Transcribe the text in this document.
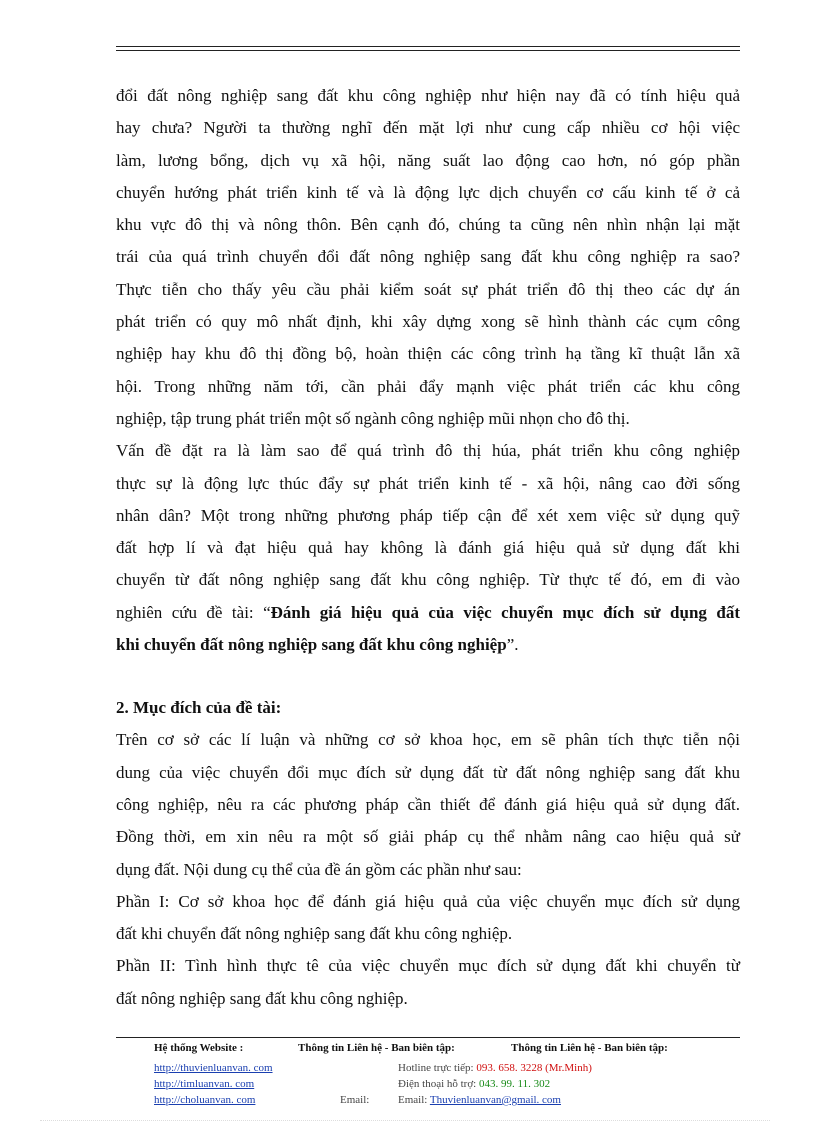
đổi đất nông nghiệp sang đất khu công nghiệp như hiện nay đã có tính hiệu quả

hay chưa? Người ta thường nghĩ đến mặt lợi như cung cấp nhiều cơ hội việc

làm, lương bổng, dịch vụ xã hội, năng suất lao động cao hơn, nó góp phần

chuyển hướng phát triển kinh tế và là động lực dịch chuyển cơ cấu kinh tế ở cả

khu vực đô thị và nông thôn. Bên cạnh đó, chúng ta cũng nên nhìn nhận lại mặt

trái của quá trình chuyển đổi đất nông nghiệp sang đất khu công nghiệp ra sao?

Thực tiễn cho thấy yêu cầu phải kiểm soát sự phát triển đô thị theo các dự án

phát triển có quy mô nhất định, khi xây dựng xong sẽ hình thành các cụm công

nghiệp hay khu đô thị đồng bộ, hoàn thiện các công trình hạ tầng kĩ thuật lẫn xã

hội. Trong những năm tới, cần phải đẩy mạnh việc phát triển các khu công

nghiệp, tập trung phát triển một số ngành công nghiệp mũi nhọn cho đô thị.

Vấn đề đặt ra là làm sao để quá trình đô thị húa, phát triển khu công nghiệp

thực sự là động lực thúc đẩy sự phát triển kinh tế - xã hội, nâng cao đời sống

nhân dân? Một trong những phương pháp tiếp cận để xét xem việc sử dụng quỹ

đất hợp lí và đạt hiệu quả hay không là đánh giá hiệu quả sử dụng đất khi

chuyển từ đất nông nghiệp sang đất khu công nghiệp. Từ thực tế đó, em đi vào

nghiên cứu đề tài: “Đánh giá hiệu quả của việc chuyển mục đích sử dụng đất

khi chuyển đất nông nghiệp sang đất khu công nghiệp”.

2. Mục đích của đề tài:

Trên cơ sở các lí luận và những cơ sở khoa học, em sẽ phân tích thực tiễn nội

dung của việc chuyển đổi mục đích sử dụng đất từ đất nông nghiệp sang đất khu

công nghiệp, nêu ra các phương pháp cần thiết để đánh giá hiệu quả sử dụng đất.

Đồng thời, em xin nêu ra một số giải pháp cụ thể nhằm nâng cao hiệu quả sử

dụng đất. Nội dung cụ thể của đề án gồm các phần như sau:

Phần I: Cơ sở khoa học để đánh giá hiệu quả của việc chuyển mục đích sử dụng

đất khi chuyển đất nông nghiệp sang đất khu công nghiệp.

Phần II: Tình hình thực tê của việc chuyển mục đích sử dụng đất khi chuyển từ

đất nông nghiệp sang đất khu công nghiệp.

Hệ thống Website :	Thông tin Liên hệ - Ban biên tập:	Thông tin Liên hệ - Ban biên tập:
http://thuvienluanvan. com	Hotline trực tiếp: 093. 658. 3228 (Mr.Minh)
http://timluanvan. com	Điện thoại hỗ trợ: 043. 99. 11. 302
http://choluanvan. com	Email:	Email: Thuvienluanvan@gmail. com
